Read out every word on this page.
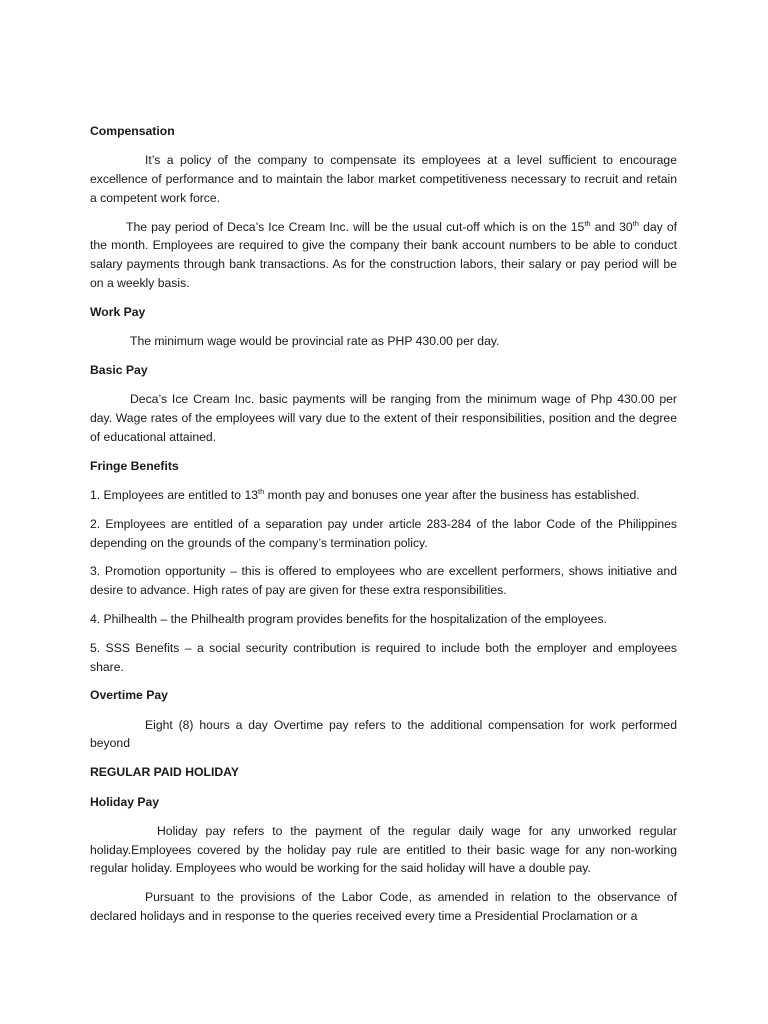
Compensation
It’s a policy of the company to compensate its employees at a level sufficient to encourage excellence of performance and to maintain the labor market competitiveness necessary to recruit and retain a competent work force.
The pay period of Deca’s Ice Cream Inc. will be the usual cut-off which is on the 15th and 30th day of the month. Employees are required to give the company their bank account numbers to be able to conduct salary payments through bank transactions. As for the construction labors, their salary or pay period will be on a weekly basis.
Work Pay
The minimum wage would be provincial rate as PHP 430.00 per day.
Basic Pay
Deca’s Ice Cream Inc. basic payments will be ranging from the minimum wage of Php 430.00 per day. Wage rates of the employees will vary due to the extent of their responsibilities, position and the degree of educational attained.
Fringe Benefits
1. Employees are entitled to 13th month pay and bonuses one year after the business has established.
2. Employees are entitled of a separation pay under article 283-284 of the labor Code of the Philippines depending on the grounds of the company’s termination policy.
3. Promotion opportunity – this is offered to employees who are excellent performers, shows initiative and desire to advance. High rates of pay are given for these extra responsibilities.
4. Philhealth – the Philhealth program provides benefits for the hospitalization of the employees.
5. SSS Benefits – a social security contribution is required to include both the employer and employees share.
Overtime Pay
Eight (8) hours a day Overtime pay refers to the additional compensation for work performed beyond
REGULAR PAID HOLIDAY
Holiday Pay
Holiday pay refers to the payment of the regular daily wage for any unworked regular holiday.Employees covered by the holiday pay rule are entitled to their basic wage for any non-working regular holiday. Employees who would be working for the said holiday will have a double pay.
Pursuant to the provisions of the Labor Code, as amended in relation to the observance of declared holidays and in response to the queries received every time a Presidential Proclamation or a
